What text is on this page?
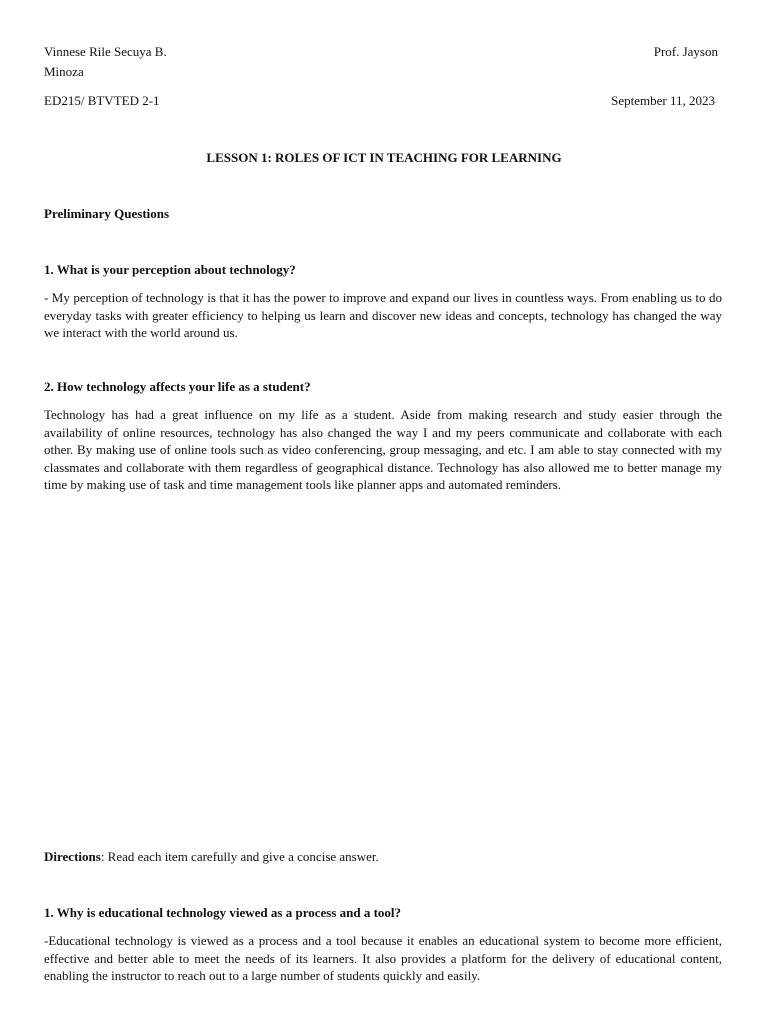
Vinnese Rile Secuya B.
Minoza
Prof. Jayson
ED215/ BTVTED 2-1	September 11, 2023
LESSON 1: ROLES OF ICT IN TEACHING FOR LEARNING
Preliminary Questions
1. What is your perception about technology?
- My perception of technology is that it has the power to improve and expand our lives in countless ways. From enabling us to do everyday tasks with greater efficiency to helping us learn and discover new ideas and concepts, technology has changed the way we interact with the world around us.
2. How technology affects your life as a student?
Technology has had a great influence on my life as a student. Aside from making research and study easier through the availability of online resources, technology has also changed the way I and my peers communicate and collaborate with each other. By making use of online tools such as video conferencing, group messaging, and etc. I am able to stay connected with my classmates and collaborate with them regardless of geographical distance. Technology has also allowed me to better manage my time by making use of task and time management tools like planner apps and automated reminders.
Directions: Read each item carefully and give a concise answer.
1. Why is educational technology viewed as a process and a tool?
-Educational technology is viewed as a process and a tool because it enables an educational system to become more efficient, effective and better able to meet the needs of its learners. It also provides a platform for the delivery of educational content, enabling the instructor to reach out to a large number of students quickly and easily.
